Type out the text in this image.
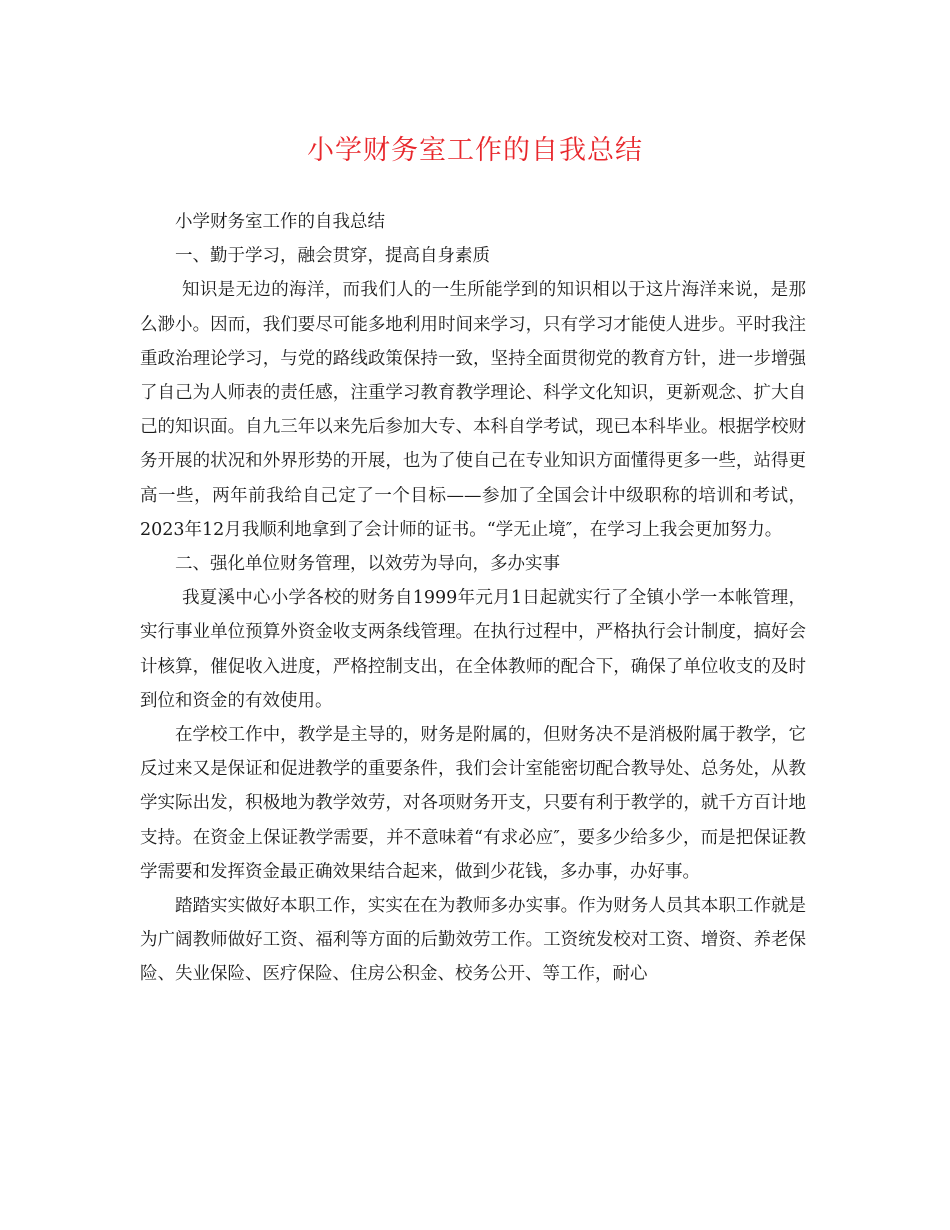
小学财务室工作的自我总结

小学财务室工作的自我总结

一、勤于学习，融会贯穿，提高自身素质

知识是无边的海洋，而我们人的一生所能学到的知识相以于这片海洋来说，是那么渺小。因而，我们要尽可能多地利用时间来学习，只有学习才能使人进步。平时我注重政治理论学习，与党的路线政策保持一致，坚持全面贯彻党的教育方针，进一步增强了自己为人师表的责任感，注重学习教育教学理论、科学文化知识，更新观念、扩大自己的知识面。自九三年以来先后参加大专、本科自学考试，现已本科毕业。根据学校财务开展的状况和外界形势的开展，也为了使自己在专业知识方面懂得更多一些，站得更高一些，两年前我给自己定了一个目标——参加了全国会计中级职称的培训和考试，2023年12月我顺利地拿到了会计师的证书。“学无止境″，在学习上我会更加努力。

二、强化单位财务管理，以效劳为导向，多办实事

我夏溪中心小学各校的财务自1999年元月1日起就实行了全镇小学一本帐管理，实行事业单位预算外资金收支两条线管理。在执行过程中，严格执行会计制度，搞好会计核算，催促收入进度，严格控制支出，在全体教师的配合下，确保了单位收支的及时到位和资金的有效使用。

在学校工作中，教学是主导的，财务是附属的，但财务决不是消极附属于教学，它反过来又是保证和促进教学的重要条件，我们会计室能密切配合教导处、总务处，从教学实际出发，积极地为教学效劳，对各项财务开支，只要有利于教学的，就千方百计地支持。在资金上保证教学需要，并不意味着“有求必应″，要多少给多少，而是把保证教学需要和发挥资金最正确效果结合起来，做到少花钱，多办事，办好事。

踏踏实实做好本职工作，实实在在为教师多办实事。作为财务人员其本职工作就是为广阔教师做好工资、福利等方面的后勤效劳工作。工资统发校对工资、增资、养老保险、失业保险、医疗保险、住房公积金、校务公开、等工作，耐心
